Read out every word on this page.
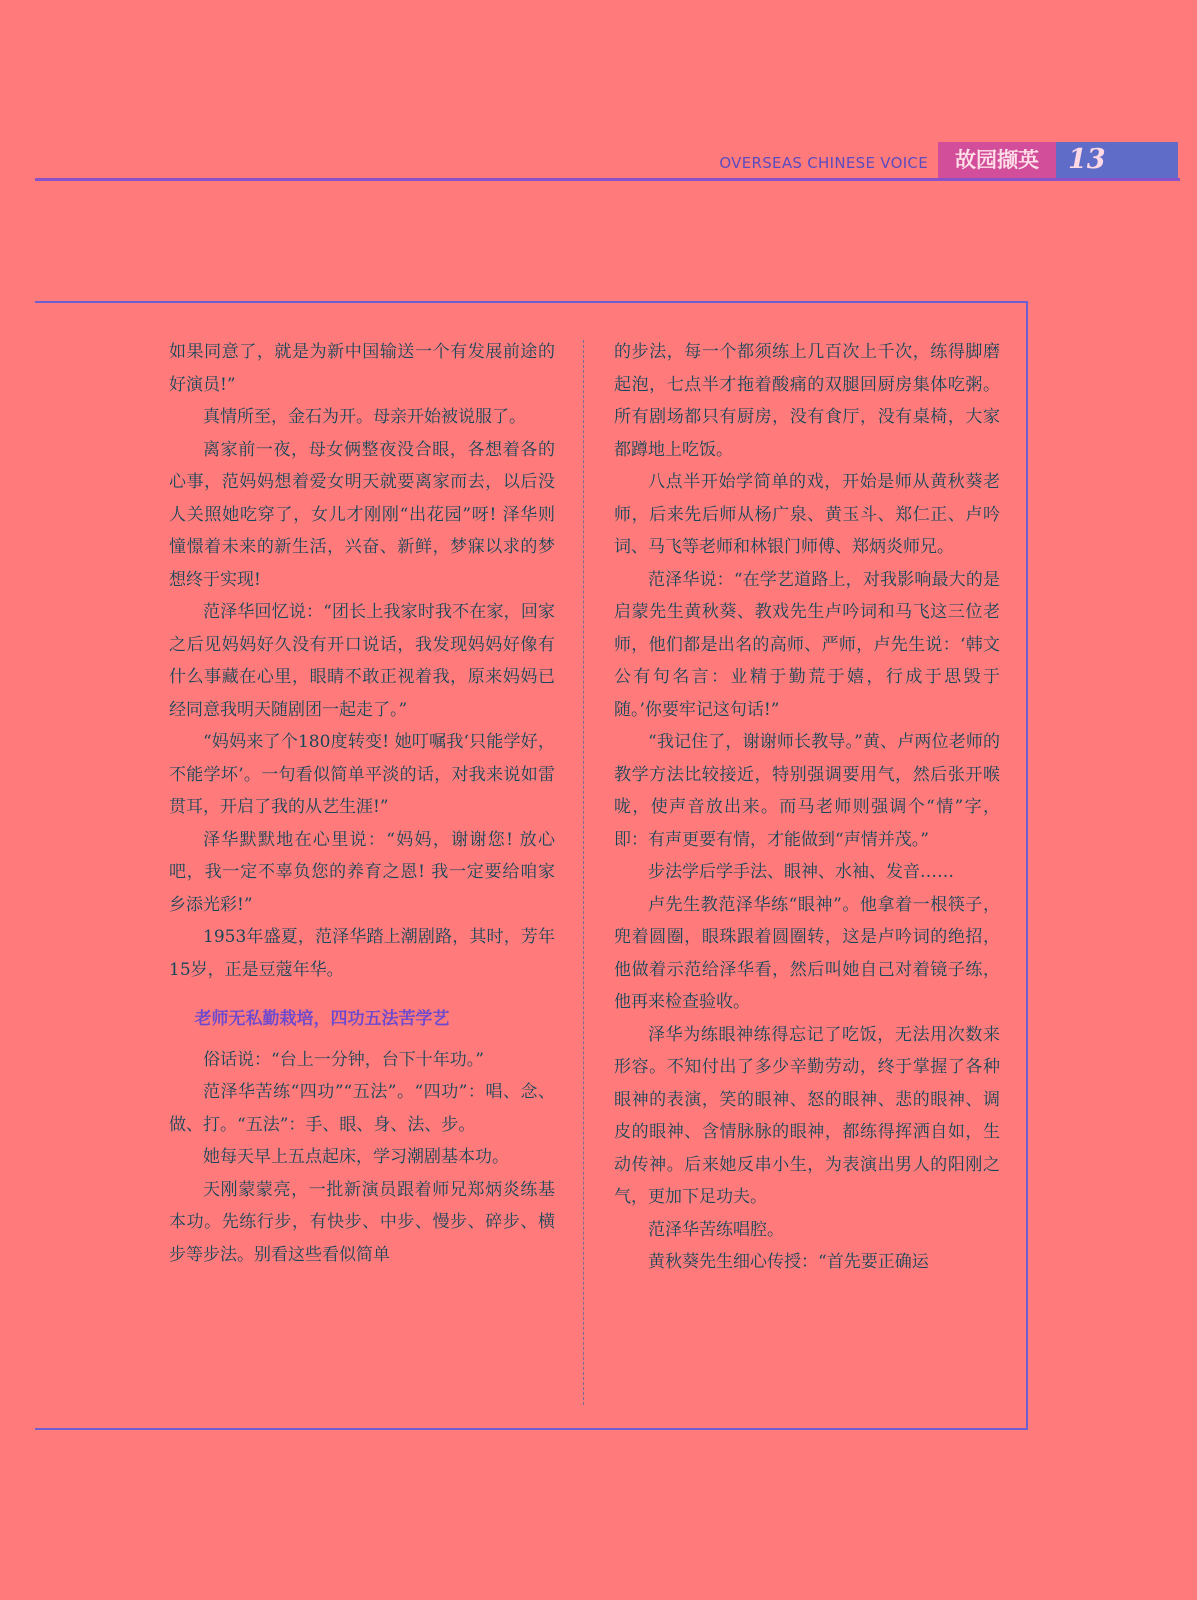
OVERSEAS CHINESE VOICE	故园撷英	13

如果同意了，就是为新中国输送一个有发展前途的好演员!”

真情所至，金石为开。母亲开始被说服了。

离家前一夜，母女俩整夜没合眼，各想着各的心事，范妈妈想着爱女明天就要离家而去，以后没人关照她吃穿了，女儿才刚刚“出花园”呀! 泽华则憧憬着未来的新生活，兴奋、新鲜，梦寐以求的梦想终于实现!

范泽华回忆说：“团长上我家时我不在家，回家之后见妈妈好久没有开口说话，我发现妈妈好像有什么事藏在心里，眼睛不敢正视着我，原来妈妈已经同意我明天随剧团一起走了。”

“妈妈来了个180度转变! 她叮嘱我‘只能学好，不能学坏’。一句看似简单平淡的话，对我来说如雷贯耳，开启了我的从艺生涯!”

泽华默默地在心里说：“妈妈，谢谢您! 放心吧，我一定不辜负您的养育之恩! 我一定要给咱家乡添光彩!”

1953年盛夏，范泽华踏上潮剧路，其时，芳年15岁，正是豆蔻年华。

老师无私勤栽培，四功五法苦学艺

俗话说：“台上一分钟，台下十年功。”

范泽华苦练“四功”“五法”。“四功”：唱、念、做、打。“五法”：手、眼、身、法、步。

她每天早上五点起床，学习潮剧基本功。

天刚蒙蒙亮，一批新演员跟着师兄郑炳炎练基本功。先练行步，有快步、中步、慢步、碎步、横步等步法。别看这些看似简单

的步法，每一个都须练上几百次上千次，练得脚磨起泡，七点半才拖着酸痛的双腿回厨房集体吃粥。所有剧场都只有厨房，没有食厅，没有桌椅，大家都蹲地上吃饭。

八点半开始学简单的戏，开始是师从黄秋葵老师，后来先后师从杨广泉、黄玉斗、郑仁正、卢吟词、马飞等老师和林银门师傅、郑炳炎师兄。

范泽华说：“在学艺道路上，对我影响最大的是启蒙先生黄秋葵、教戏先生卢吟词和马飞这三位老师，他们都是出名的高师、严师，卢先生说：‘韩文公有句名言：业精于勤荒于嬉，行成于思毁于随。’你要牢记这句话!”

“我记住了，谢谢师长教导。”黄、卢两位老师的教学方法比较接近，特别强调要用气，然后张开喉咙，使声音放出来。而马老师则强调个“情”字，即：有声更要有情，才能做到“声情并茂。”

步法学后学手法、眼神、水袖、发音……

卢先生教范泽华练“眼神”。他拿着一根筷子，兜着圆圈，眼珠跟着圆圈转，这是卢吟词的绝招，他做着示范给泽华看，然后叫她自己对着镜子练，他再来检查验收。

泽华为练眼神练得忘记了吃饭，无法用次数来形容。不知付出了多少辛勤劳动，终于掌握了各种眼神的表演，笑的眼神、怒的眼神、悲的眼神、调皮的眼神、含情脉脉的眼神，都练得挥洒自如，生动传神。后来她反串小生，为表演出男人的阳刚之气，更加下足功夫。

范泽华苦练唱腔。

黄秋葵先生细心传授：“首先要正确运
